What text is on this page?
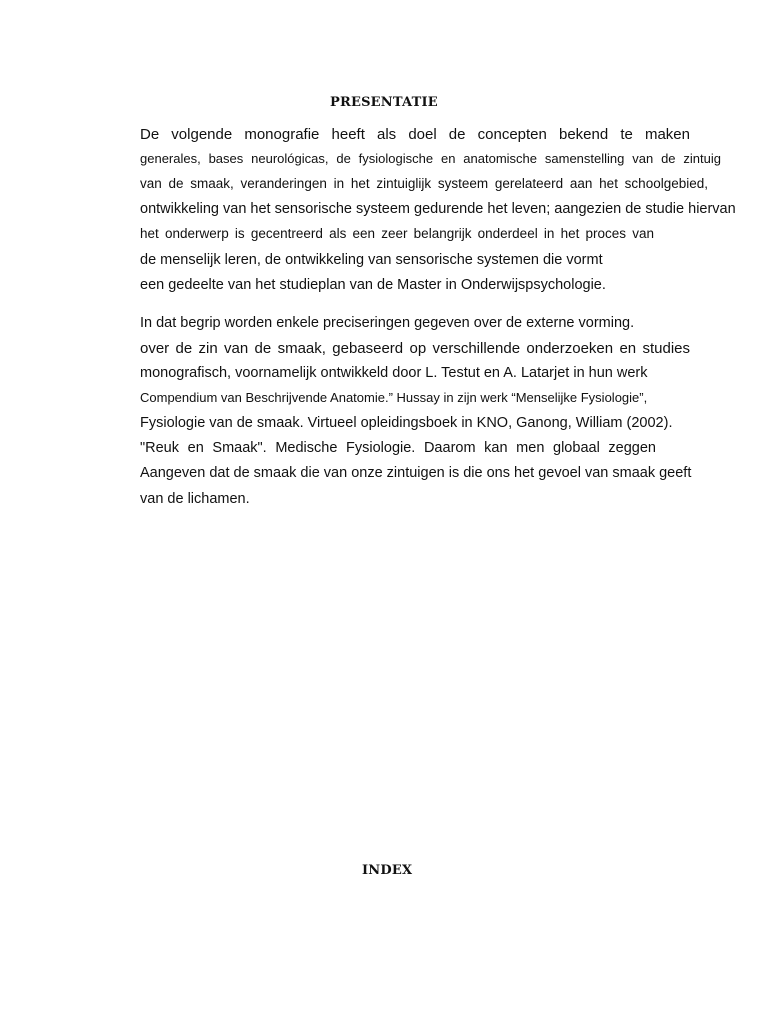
PRESENTATIE
De volgende monografie heeft als doel de concepten bekend te maken
generales, bases neurológicas, de fysiologische en anatomische samenstelling van de zintuig
van de smaak, veranderingen in het zintuiglijk systeem gerelateerd aan het schoolgebied,
ontwikkeling van het sensorische systeem gedurende het leven; aangezien de studie hiervan
het onderwerp is gecentreerd als een zeer belangrijk onderdeel in het proces van
de menselijk leren, de ontwikkeling van sensorische systemen die vormt
een gedeelte van het studieplan van de Master in Onderwijspsychologie.
In dat begrip worden enkele preciseringen gegeven over de externe vorming.
over de zin van de smaak, gebaseerd op verschillende onderzoeken en studies
monografisch, voornamelijk ontwikkeld door L. Testut en A. Latarjet in hun werk
Compendium van Beschrijvende Anatomie.” Hussay in zijn werk “Menselijke Fysiologie”,
Fysiologie van de smaak. Virtueel opleidingsboek in KNO, Ganong, William (2002).
"Reuk en Smaak". Medische Fysiologie. Daarom kan men globaal zeggen
Aangeven dat de smaak die van onze zintuigen is die ons het gevoel van smaak geeft
van de lichamen.
INDEX
